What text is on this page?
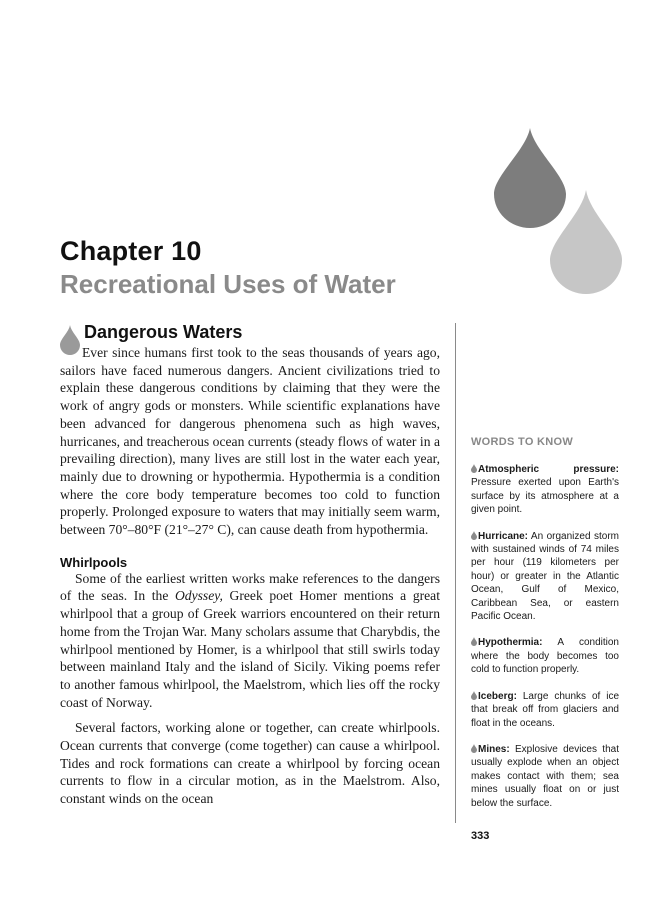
Chapter 10
Recreational Uses of Water
Dangerous Waters

Ever since humans first took to the seas thousands of years ago, sailors have faced numerous dangers. Ancient civilizations tried to explain these dangerous conditions by claiming that they were the work of angry gods or monsters. While scientific explanations have been advanced for dangerous phenomena such as high waves, hurricanes, and treacherous ocean currents (steady flows of water in a prevailing direction), many lives are still lost in the water each year, mainly due to drowning or hypothermia. Hypothermia is a condition where the core body temperature becomes too cold to function properly. Prolonged exposure to waters that may initially seem warm, between 70°–80°F (21°–27° C), can cause death from hypothermia.

Whirlpools

Some of the earliest written works make references to the dangers of the seas. In the Odyssey, Greek poet Homer mentions a great whirlpool that a group of Greek warriors encountered on their return home from the Trojan War. Many scholars assume that Charybdis, the whirlpool mentioned by Homer, is a whirlpool that still swirls today between mainland Italy and the island of Sicily. Viking poems refer to another famous whirlpool, the Maelstrom, which lies off the rocky coast of Norway.

Several factors, working alone or together, can create whirlpools. Ocean currents that converge (come together) can cause a whirlpool. Tides and rock formations can create a whirlpool by forcing ocean currents to flow in a circular motion, as in the Maelstrom. Also, constant winds on the ocean

WORDS TO KNOW

Atmospheric pressure: Pressure exerted upon Earth's surface by its atmosphere at a given point.

Hurricane: An organized storm with sustained winds of 74 miles per hour (119 kilometers per hour) or greater in the Atlantic Ocean, Gulf of Mexico, Caribbean Sea, or eastern Pacific Ocean.

Hypothermia: A condition where the body becomes too cold to function properly.

Iceberg: Large chunks of ice that break off from glaciers and float in the oceans.

Mines: Explosive devices that usually explode when an object makes contact with them; sea mines usually float on or just below the surface.

333
